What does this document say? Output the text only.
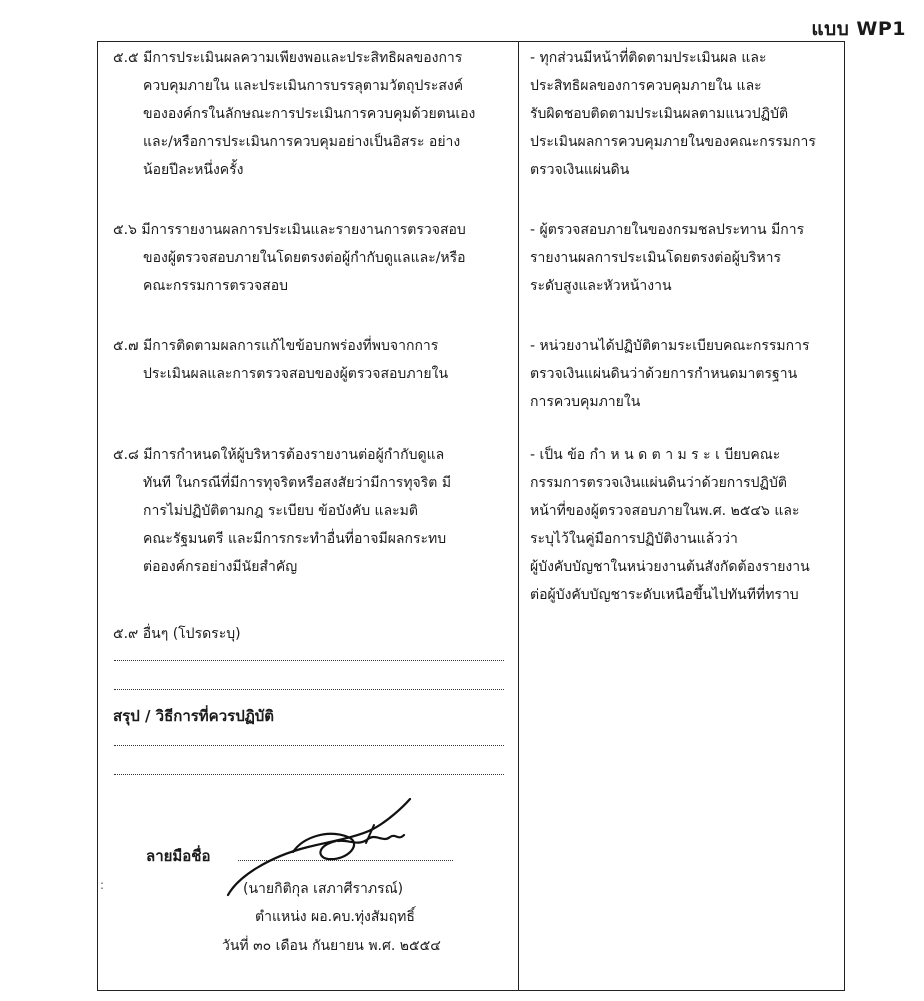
แบบ WP1
๕.๕ มีการประเมินผลความเพียงพอและประสิทธิผลของการ
ควบคุมภายใน และประเมินการบรรลุตามวัตถุประสงค์
ขององค์กรในลักษณะการประเมินการควบคุมด้วยตนเอง
และ/หรือการประเมินการควบคุมอย่างเป็นอิสระ อย่าง
น้อยปีละหนึ่งครั้ง
- ทุกส่วนมีหน้าที่ติดตามประเมินผล และ
ประสิทธิผลของการควบคุมภายใน และ
รับผิดชอบติดตามประเมินผลตามแนวปฏิบัติ
ประเมินผลการควบคุมภายในของคณะกรรมการ
ตรวจเงินแผ่นดิน
๕.๖ มีการรายงานผลการประเมินและรายงานการตรวจสอบ
ของผู้ตรวจสอบภายในโดยตรงต่อผู้กำกับดูแลและ/หรือ
คณะกรรมการตรวจสอบ
- ผู้ตรวจสอบภายในของกรมชลประทาน มีการ
รายงานผลการประเมินโดยตรงต่อผู้บริหาร
ระดับสูงและหัวหน้างาน
๕.๗ มีการติดตามผลการแก้ไขข้อบกพร่องที่พบจากการ
ประเมินผลและการตรวจสอบของผู้ตรวจสอบภายใน
- หน่วยงานได้ปฏิบัติตามระเบียบคณะกรรมการ
ตรวจเงินแผ่นดินว่าด้วยการกำหนดมาตรฐาน
การควบคุมภายใน
๕.๘ มีการกำหนดให้ผู้บริหารต้องรายงานต่อผู้กำกับดูแล
ทันที ในกรณีที่มีการทุจริตหรือสงสัยว่ามีการทุจริต มี
การไม่ปฏิบัติตามกฎ ระเบียบ ข้อบังคับ และมติ
คณะรัฐมนตรี และมีการกระทำอื่นที่อาจมีผลกระทบ
ต่อองค์กรอย่างมีนัยสำคัญ
- เป็น ข้อ กำ ห น ด ต า ม ร ะ เ บียบคณะ
กรรมการตรวจเงินแผ่นดินว่าด้วยการปฏิบัติ
หน้าที่ของผู้ตรวจสอบภายในพ.ศ. ๒๕๔๖ และ
ระบุไว้ในคู่มือการปฏิบัติงานแล้วว่า
ผู้บังคับบัญชาในหน่วยงานต้นสังกัดต้องรายงาน
ต่อผู้บังคับบัญชาระดับเหนือขึ้นไปทันทีที่ทราบ
๕.๙ อื่นๆ (โปรดระบุ)
สรุป / วิธีการที่ควรปฏิบัติ
ลายมือชื่อ
(นายกิติกุล เสภาศีราภรณ์)
ตำแหน่ง ผอ.คบ.ทุ่งสัมฤทธิ์
วันที่ ๓๐ เดือน กันยายน พ.ศ. ๒๕๕๔
:
